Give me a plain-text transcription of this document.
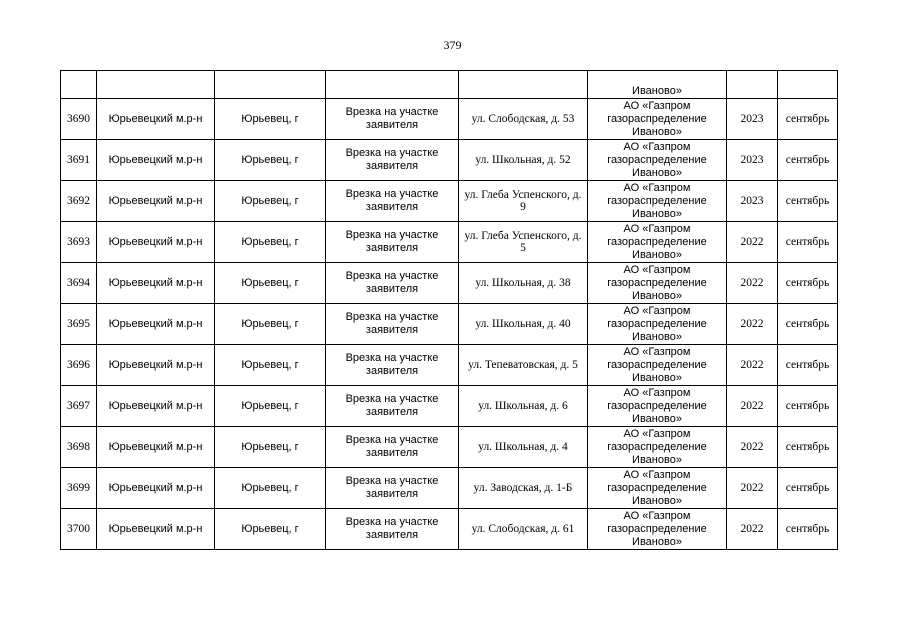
379
					Иваново»		
3690	Юрьевецкий м.р-н	Юрьевец, г	Врезка на участке заявителя	ул. Слободская, д. 53	АО «Газпром газораспределение Иваново»	2023	сентябрь
3691	Юрьевецкий м.р-н	Юрьевец, г	Врезка на участке заявителя	ул. Школьная, д. 52	АО «Газпром газораспределение Иваново»	2023	сентябрь
3692	Юрьевецкий м.р-н	Юрьевец, г	Врезка на участке заявителя	ул. Глеба Успенского, д. 9	АО «Газпром газораспределение Иваново»	2023	сентябрь
3693	Юрьевецкий м.р-н	Юрьевец, г	Врезка на участке заявителя	ул. Глеба Успенского, д. 5	АО «Газпром газораспределение Иваново»	2022	сентябрь
3694	Юрьевецкий м.р-н	Юрьевец, г	Врезка на участке заявителя	ул. Школьная, д. 38	АО «Газпром газораспределение Иваново»	2022	сентябрь
3695	Юрьевецкий м.р-н	Юрьевец, г	Врезка на участке заявителя	ул. Школьная, д. 40	АО «Газпром газораспределение Иваново»	2022	сентябрь
3696	Юрьевецкий м.р-н	Юрьевец, г	Врезка на участке заявителя	ул. Тепеватовская, д. 5	АО «Газпром газораспределение Иваново»	2022	сентябрь
3697	Юрьевецкий м.р-н	Юрьевец, г	Врезка на участке заявителя	ул. Школьная, д. 6	АО «Газпром газораспределение Иваново»	2022	сентябрь
3698	Юрьевецкий м.р-н	Юрьевец, г	Врезка на участке заявителя	ул. Школьная, д. 4	АО «Газпром газораспределение Иваново»	2022	сентябрь
3699	Юрьевецкий м.р-н	Юрьевец, г	Врезка на участке заявителя	ул. Заводская, д. 1-Б	АО «Газпром газораспределение Иваново»	2022	сентябрь
3700	Юрьевецкий м.р-н	Юрьевец, г	Врезка на участке заявителя	ул. Слободская, д. 61	АО «Газпром газораспределение Иваново»	2022	сентябрь
